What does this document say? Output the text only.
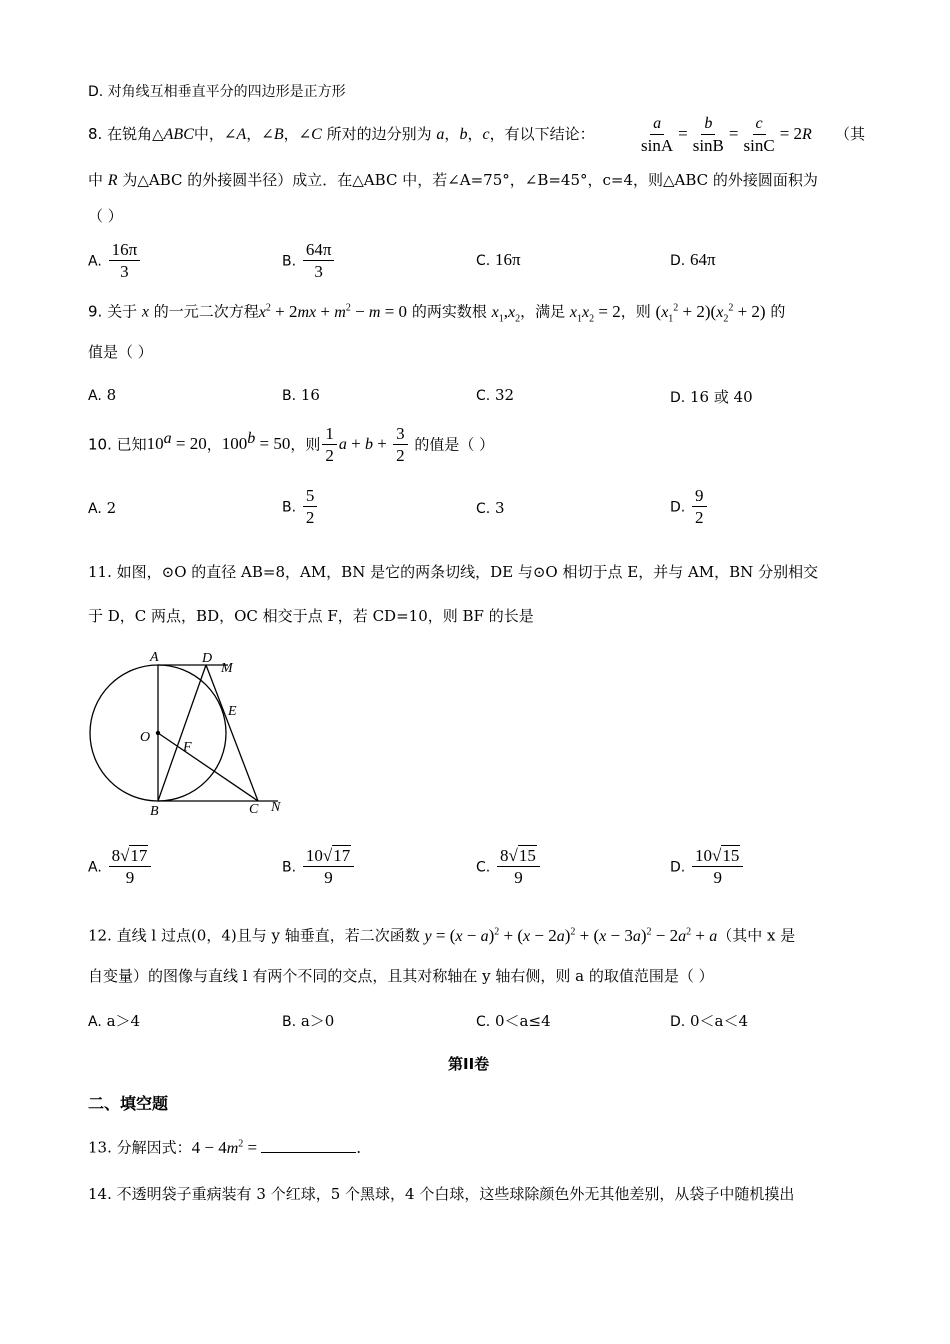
D. 对角线互相垂直平分的四边形是正方形
8. 在锐角△ABC中，∠A，∠B，∠C 所对的边分别为 a，b，c，有以下结论：	$\frac{a}{\sin A} = \frac{b}{\sin B} = \frac{c}{\sin C} = 2R$ （其
中 R 为△ABC 的外接圆半径）成立．在△ABC 中，若∠A=75°，∠B=45°，c=4，则△ABC 的外接圆面积为
（ ）
A. $\frac{16\pi}{3}$	B. $\frac{64\pi}{3}$	C. 16π	D. 64π
9. 关于 x 的一元二次方程$x^2 + 2mx + m^2 - m = 0$ 的两实数根 $x_1,x_2$，满足 $x_1x_2 = 2$，则 $(x_1^2 + 2)(x_2^2 + 2)$ 的
值是（ ）
A. 8	B. 16	C. 32	D. 16 或 40
10. 已知$10^a = 20$，$100^b = 50$，则 $\frac{1}{2}$ $a + b + \frac{3}{2}$ 的值是（ ）
A. 2	B. $\frac{5}{2}$	C. 3	D. $\frac{9}{2}$
11. 如图，⊙O 的直径 AB=8，AM，BN 是它的两条切线，DE 与⊙O 相切于点 E，并与 AM，BN 分别相交
于 D，C 两点，BD，OC 相交于点 F，若 CD=10，则 BF 的长是
A	D
M
E
O
F
B	C N
A. $\frac{8√17}{9}$	B. $\frac{10√17}{9}$	C. $\frac{8√15}{9}$	D. $\frac{10√15}{9}$
12. 直线 l 过点(0，4)且与 y 轴垂直，若二次函数 $y = (x - a)^2 + (x - 2a)^2 + (x - 3a)^2 - 2a^2 + a$（其中 x 是
自变量）的图像与直线 l 有两个不同的交点，且其对称轴在 y 轴右侧，则 a 的取值范围是（ ）
A. a＞4	B. a＞0	C. 0＜a≤4	D. 0＜a＜4
第II卷
二、填空题
13. 分解因式：$4 - 4m^2$ =	．
14. 不透明袋子重病装有 3 个红球，5 个黑球，4 个白球，这些球除颜色外无其他差别，从袋子中随机摸出
